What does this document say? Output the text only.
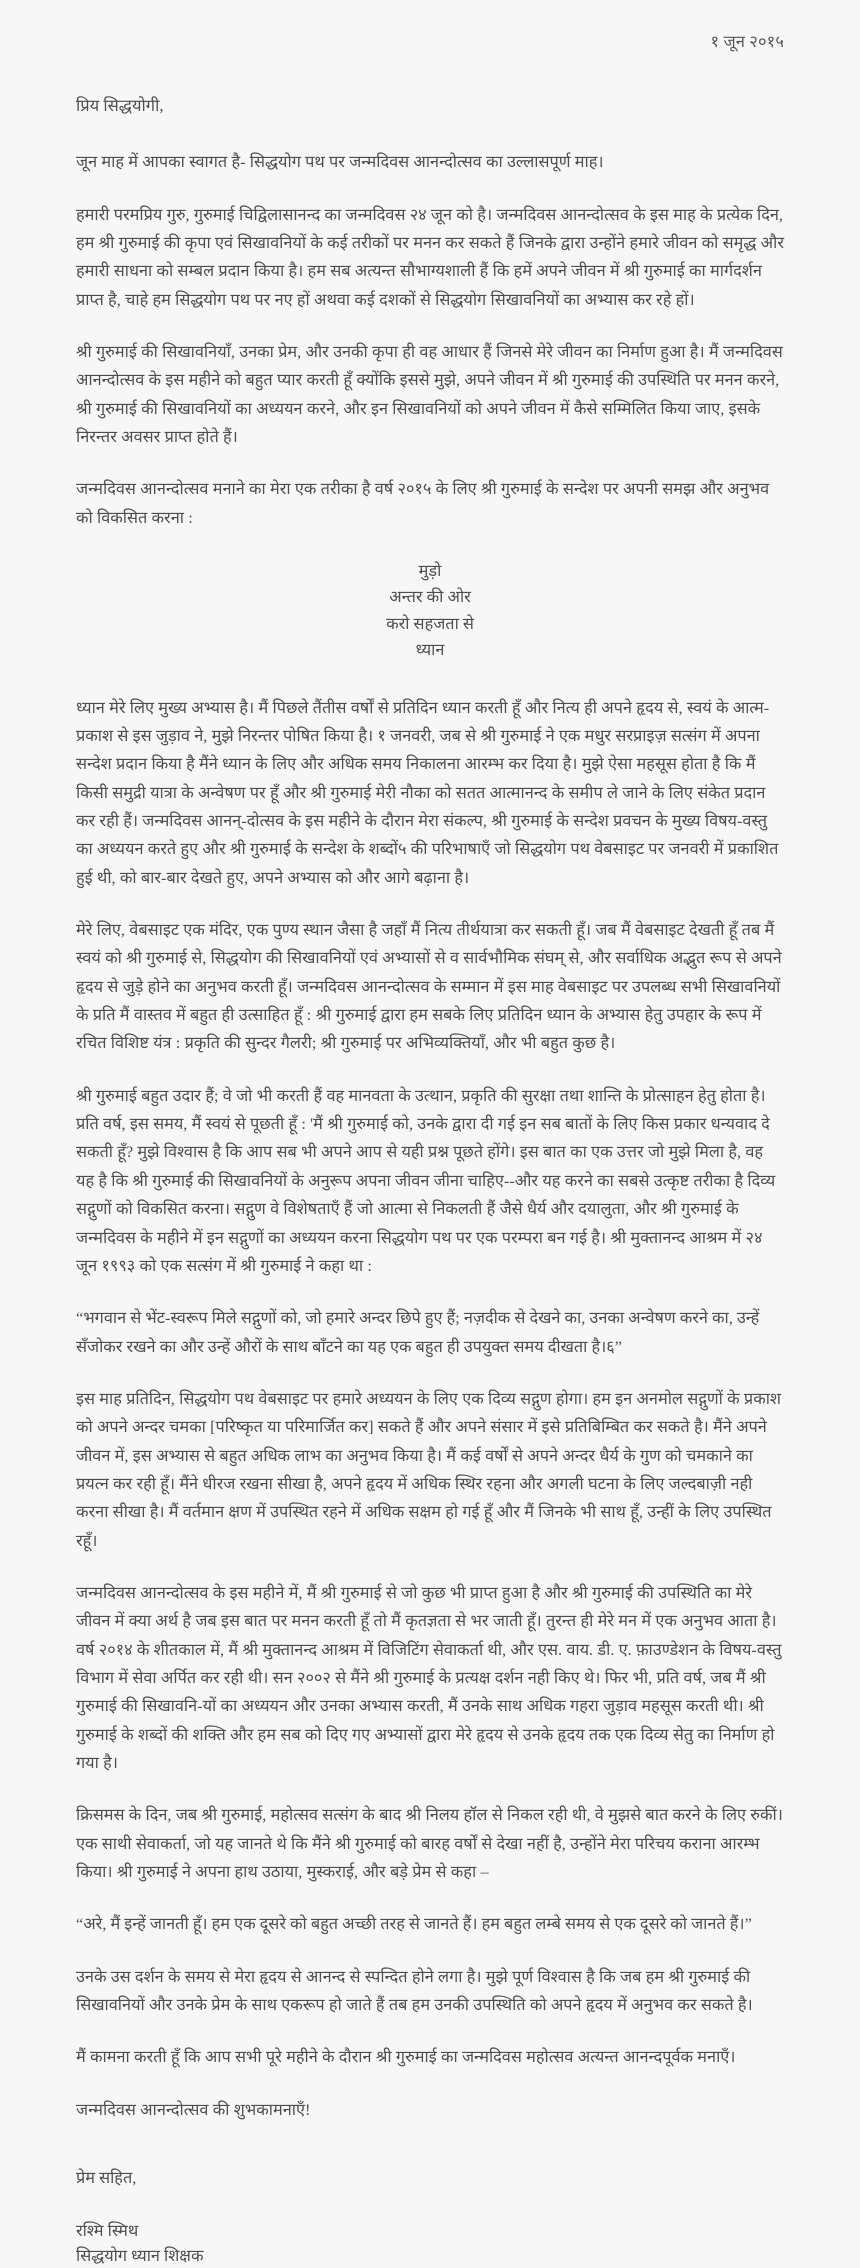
१ जून २०१५
प्रिय सिद्धयोगी,

जून माह में आपका स्वागत है- सिद्धयोग पथ पर जन्मदिवस आनन्दोत्सव का उल्लासपूर्ण माह।

हमारी परमप्रिय गुरु, गुरुमाई चिद्विलासानन्द का जन्मदिवस २४ जून को है। जन्मदिवस आनन्दोत्सव के इस माह के प्रत्येक दिन, हम श्री गुरुमाई की कृपा एवं सिखावनियों के कई तरीकों पर मनन कर सकते हैं जिनके द्वारा उन्होंने हमारे जीवन को समृद्ध और हमारी साधना को सम्बल प्रदान किया है। हम सब अत्यन्त सौभाग्यशाली हैं कि हमें अपने जीवन में श्री गुरुमाई का मार्गदर्शन प्राप्त है, चाहे हम सिद्धयोग पथ पर नए हों अथवा कई दशकों से सिद्धयोग सिखावनियों का अभ्यास कर रहे हों।

श्री गुरुमाई की सिखावनियाँ, उनका प्रेम, और उनकी कृपा ही वह आधार हैं जिनसे मेरे जीवन का निर्माण हुआ है। मैं जन्मदिवस आनन्दोत्सव के इस महीने को बहुत प्यार करती हूँ क्योंकि इससे मुझे, अपने जीवन में श्री गुरुमाई की उपस्थिति पर मनन करने, श्री गुरुमाई की सिखावनियों का अध्ययन करने, और इन सिखावनियों को अपने जीवन में कैसे सम्मिलित किया जाए, इसके निरन्तर अवसर प्राप्त होते हैं।

जन्मदिवस आनन्दोत्सव मनाने का मेरा एक तरीका है वर्ष २०१५ के लिए श्री गुरुमाई के सन्देश पर अपनी समझ और अनुभव को विकसित करना :

मुड़ो
अन्तर की ओर
करो सहजता से
ध्यान

ध्यान मेरे लिए मुख्य अभ्यास है। मैं पिछले तैंतीस वर्षों से प्रतिदिन ध्यान करती हूँ और नित्य ही अपने हृदय से, स्वयं के आत्म-प्रकाश से इस जुड़ाव ने, मुझे निरन्तर पोषित किया है। १ जनवरी, जब से श्री गुरुमाई ने एक मधुर सरप्राइज़ सत्संग में अपना सन्देश प्रदान किया है मैंने ध्यान के लिए और अधिक समय निकालना आरम्भ कर दिया है। मुझे ऐसा महसूस होता है कि मैं किसी समुद्री यात्रा के अन्वेषण पर हूँ और श्री गुरुमाई मेरी नौका को सतत आत्मानन्द के समीप ले जाने के लिए संकेत प्रदान कर रही हैं। जन्मदिवस आनन्-दोत्सव के इस महीने के दौरान मेरा संकल्प, श्री गुरुमाई के सन्देश प्रवचन के मुख्य विषय-वस्तु का अध्ययन करते हुए और श्री गुरुमाई के सन्देश के शब्दों५ की परिभाषाएँ जो सिद्धयोग पथ वेबसाइट पर जनवरी में प्रकाशित हुई थी, को बार-बार देखते हुए, अपने अभ्यास को और आगे बढ़ाना है।

मेरे लिए, वेबसाइट एक मंदिर, एक पुण्य स्थान जैसा है जहाँ मैं नित्य तीर्थयात्रा कर सकती हूँ। जब मैं वेबसाइट देखती हूँ तब मैं स्वयं को श्री गुरुमाई से, सिद्धयोग की सिखावनियों एवं अभ्यासों से व सार्वभौमिक संघम् से, और सर्वाधिक अद्भुत रूप से अपने हृदय से जुड़े होने का अनुभव करती हूँ। जन्मदिवस आनन्दोत्सव के सम्मान में इस माह वेबसाइट पर उपलब्ध सभी सिखावनियों के प्रति मैं वास्तव में बहुत ही उत्साहित हूँ : श्री गुरुमाई द्वारा हम सबके लिए प्रतिदिन ध्यान के अभ्यास हेतु उपहार के रूप में रचित विशिष्ट यंत्र : प्रकृति की सुन्दर गैलरी; श्री गुरुमाई पर अभिव्यक्तियाँ, और भी बहुत कुछ है।

श्री गुरुमाई बहुत उदार हैं; वे जो भी करती हैं वह मानवता के उत्थान, प्रकृति की सुरक्षा तथा शान्ति के प्रोत्साहन हेतु होता है। प्रति वर्ष, इस समय, मैं स्वयं से पूछती हूँ : 'मैं श्री गुरुमाई को, उनके द्वारा दी गई इन सब बातों के लिए किस प्रकार धन्यवाद दे सकती हूँ? मुझे विश्वास है कि आप सब भी अपने आप से यही प्रश्न पूछते होंगे। इस बात का एक उत्तर जो मुझे मिला है, वह यह है कि श्री गुरुमाई की सिखावनियों के अनुरूप अपना जीवन जीना चाहिए--और यह करने का सबसे उत्कृष्ट तरीका है दिव्य सद्गुणों को विकसित करना। सद्गुण वे विशेषताएँ हैं जो आत्मा से निकलती हैं जैसे धैर्य और दयालुता, और श्री गुरुमाई के जन्मदिवस के महीने में इन सद्गुणों का अध्ययन करना सिद्धयोग पथ पर एक परम्परा बन गई है। श्री मुक्तानन्द आश्रम में २४ जून १९९३ को एक सत्संग में श्री गुरुमाई ने कहा था :

“भगवान से भेंट-स्वरूप मिले सद्गुणों को, जो हमारे अन्दर छिपे हुए हैं; नज़दीक से देखने का, उनका अन्वेषण करने का, उन्हें सँजोकर रखने का और उन्हें औरों के साथ बाँटने का यह एक बहुत ही उपयुक्त समय दीखता है।६”

इस माह प्रतिदिन, सिद्धयोग पथ वेबसाइट पर हमारे अध्ययन के लिए एक दिव्य सद्गुण होगा। हम इन अनमोल सद्गुणों के प्रकाश को अपने अन्दर चमका [परिष्कृत या परिमार्जित कर] सकते हैं और अपने संसार में इसे प्रतिबिम्बित कर सकते है। मैंने अपने जीवन में, इस अभ्यास से बहुत अधिक लाभ का अनुभव किया है। मैं कई वर्षों से अपने अन्दर धैर्य के गुण को चमकाने का प्रयत्न कर रही हूँ। मैंने धीरज रखना सीखा है, अपने हृदय में अधिक स्थिर रहना और अगली घटना के लिए जल्दबाज़ी नही करना सीखा है। मैं वर्तमान क्षण में उपस्थित रहने में अधिक सक्षम हो गई हूँ और मैं जिनके भी साथ हूँ, उन्हीं के लिए उपस्थित रहूँ।

जन्मदिवस आनन्दोत्सव के इस महीने में, मैं श्री गुरुमाई से जो कुछ भी प्राप्त हुआ है और श्री गुरुमाई की उपस्थिति का मेरे जीवन में क्या अर्थ है जब इस बात पर मनन करती हूँ तो मैं कृतज्ञता से भर जाती हूँ। तुरन्त ही मेरे मन में एक अनुभव आता है। वर्ष २०१४ के शीतकाल में, मैं श्री मुक्तानन्द आश्रम में विजिटिंग सेवाकर्ता थी, और एस. वाय. डी. ए. फ़ाउण्डेशन के विषय-वस्तु विभाग में सेवा अर्पित कर रही थी। सन २००२ से मैंने श्री गुरुमाई के प्रत्यक्ष दर्शन नही किए थे। फिर भी, प्रति वर्ष, जब मैं श्री गुरुमाई की सिखावनि-यों का अध्ययन और उनका अभ्यास करती, मैं उनके साथ अधिक गहरा जुड़ाव महसूस करती थी। श्री गुरुमाई के शब्दों की शक्ति और हम सब को दिए गए अभ्यासों द्वारा मेरे हृदय से उनके हृदय तक एक दिव्य सेतु का निर्माण हो गया है।

क्रिसमस के दिन, जब श्री गुरुमाई, महोत्सव सत्संग के बाद श्री निलय हॉल से निकल रही थी, वे मुझसे बात करने के लिए रुकीं। एक साथी सेवाकर्ता, जो यह जानते थे कि मैंने श्री गुरुमाई को बारह वर्षों से देखा नहीं है, उन्होंने मेरा परिचय कराना आरम्भ किया। श्री गुरुमाई ने अपना हाथ उठाया, मुस्कराई, और बड़े प्रेम से कहा –

“अरे, मैं इन्हें जानती हूँ। हम एक दूसरे को बहुत अच्छी तरह से जानते हैं। हम बहुत लम्बे समय से एक दूसरे को जानते हैं।”

उनके उस दर्शन के समय से मेरा हृदय से आनन्द से स्पन्दित होने लगा है। मुझे पूर्ण विश्वास है कि जब हम श्री गुरुमाई की सिखावनियों और उनके प्रेम के साथ एकरूप हो जाते हैं तब हम उनकी उपस्थिति को अपने हृदय में अनुभव कर सकते है।

मैं कामना करती हूँ कि आप सभी पूरे महीने के दौरान श्री गुरुमाई का जन्मदिवस महोत्सव अत्यन्त आनन्दपूर्वक मनाएँ।

जन्मदिवस आनन्दोत्सव की शुभकामनाएँ!

प्रेम सहित,
रश्मि स्मिथ
सिद्धयोग ध्यान शिक्षक
